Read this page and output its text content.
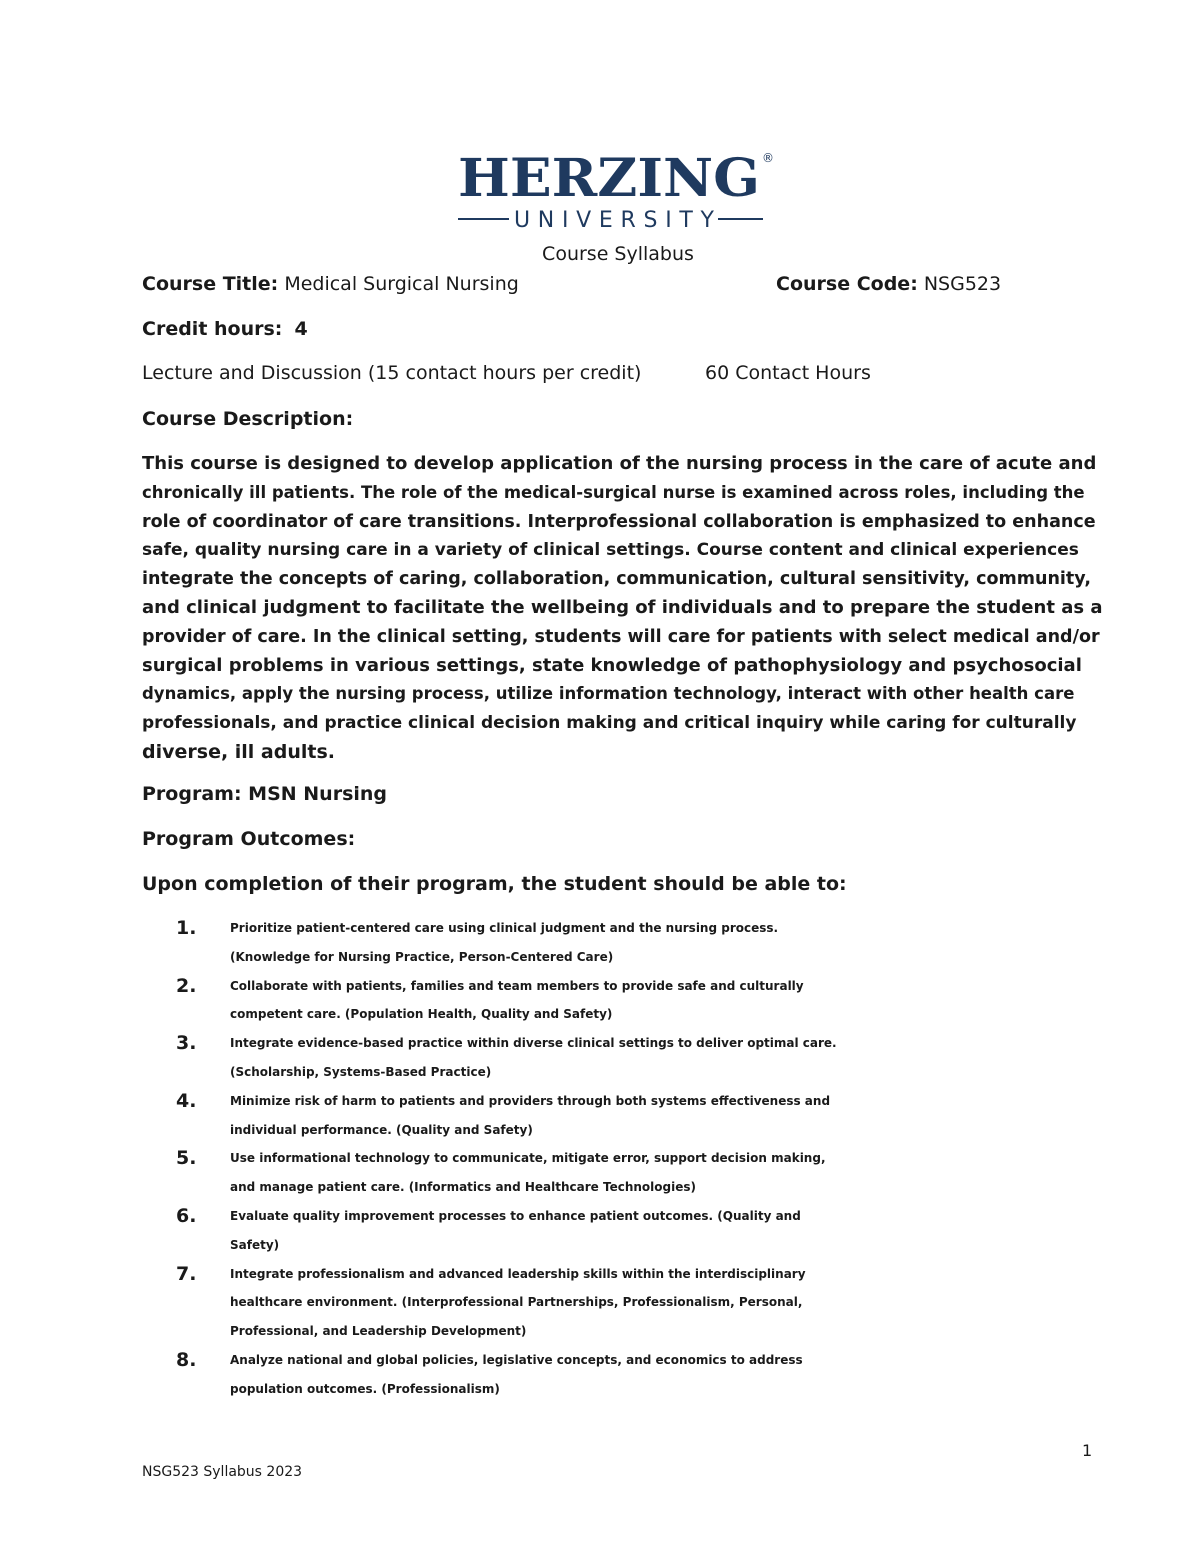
HERZING ®
UNIVERSITY
Course Syllabus
Course Title: Medical Surgical Nursing	Course Code: NSG523
Credit hours: 4
Lecture and Discussion (15 contact hours per credit)	60 Contact Hours
Course Description:
This course is designed to develop application of the nursing process in the care of acute and
chronically ill patients. The role of the medical-surgical nurse is examined across roles, including the
role of coordinator of care transitions. Interprofessional collaboration is emphasized to enhance
safe, quality nursing care in a variety of clinical settings. Course content and clinical experiences
integrate the concepts of caring, collaboration, communication, cultural sensitivity, community,
and clinical judgment to facilitate the wellbeing of individuals and to prepare the student as a
provider of care. In the clinical setting, students will care for patients with select medical and/or
surgical problems in various settings, state knowledge of pathophysiology and psychosocial
dynamics, apply the nursing process, utilize information technology, interact with other health care
professionals, and practice clinical decision making and critical inquiry while caring for culturally
diverse, ill adults.
Program: MSN Nursing
Program Outcomes:
Upon completion of their program, the student should be able to:
1.	Prioritize patient-centered care using clinical judgment and the nursing process.
(Knowledge for Nursing Practice, Person-Centered Care)
2.	Collaborate with patients, families and team members to provide safe and culturally
competent care. (Population Health, Quality and Safety)
3.	Integrate evidence-based practice within diverse clinical settings to deliver optimal care.
(Scholarship, Systems-Based Practice)
4.	Minimize risk of harm to patients and providers through both systems effectiveness and
individual performance. (Quality and Safety)
5.	Use informational technology to communicate, mitigate error, support decision making,
and manage patient care. (Informatics and Healthcare Technologies)
6.	Evaluate quality improvement processes to enhance patient outcomes. (Quality and
Safety)
7.	Integrate professionalism and advanced leadership skills within the interdisciplinary
healthcare environment. (Interprofessional Partnerships, Professionalism, Personal,
Professional, and Leadership Development)
8.	Analyze national and global policies, legislative concepts, and economics to address
population outcomes. (Professionalism)
1
NSG523 Syllabus 2023
